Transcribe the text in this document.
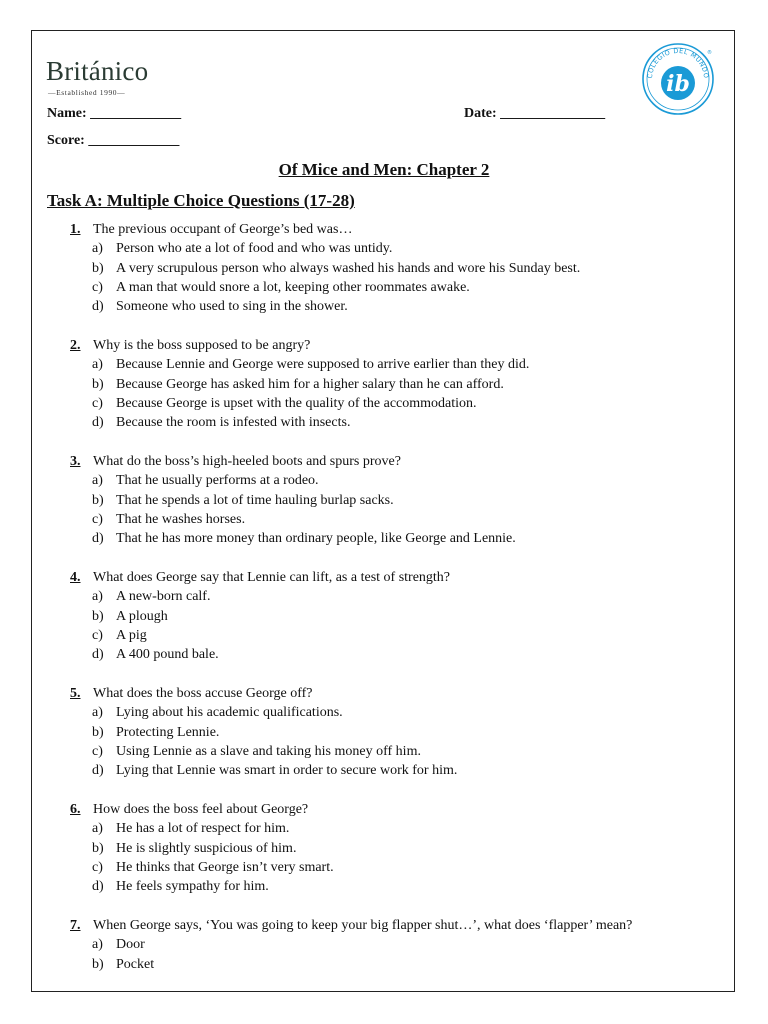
Británico
—Established 1990—
COLEGIO DEL MUNDO
ib
®
Name: _____________	Date: _______________
Score: _____________
Of Mice and Men: Chapter 2
Task A: Multiple Choice Questions (17-28)
1. The previous occupant of George’s bed was…
a) Person who ate a lot of food and who was untidy.
b) A very scrupulous person who always washed his hands and wore his Sunday best.
c) A man that would snore a lot, keeping other roommates awake.
d) Someone who used to sing in the shower.
2. Why is the boss supposed to be angry?
a) Because Lennie and George were supposed to arrive earlier than they did.
b) Because George has asked him for a higher salary than he can afford.
c) Because George is upset with the quality of the accommodation.
d) Because the room is infested with insects.
3. What do the boss’s high-heeled boots and spurs prove?
a) That he usually performs at a rodeo.
b) That he spends a lot of time hauling burlap sacks.
c) That he washes horses.
d) That he has more money than ordinary people, like George and Lennie.
4. What does George say that Lennie can lift, as a test of strength?
a) A new-born calf.
b) A plough
c) A pig
d) A 400 pound bale.
5. What does the boss accuse George off?
a) Lying about his academic qualifications.
b) Protecting Lennie.
c) Using Lennie as a slave and taking his money off him.
d) Lying that Lennie was smart in order to secure work for him.
6. How does the boss feel about George?
a) He has a lot of respect for him.
b) He is slightly suspicious of him.
c) He thinks that George isn’t very smart.
d) He feels sympathy for him.
7. When George says, ‘You was going to keep your big flapper shut…’, what does ‘flapper’ mean?
a) Door
b) Pocket
